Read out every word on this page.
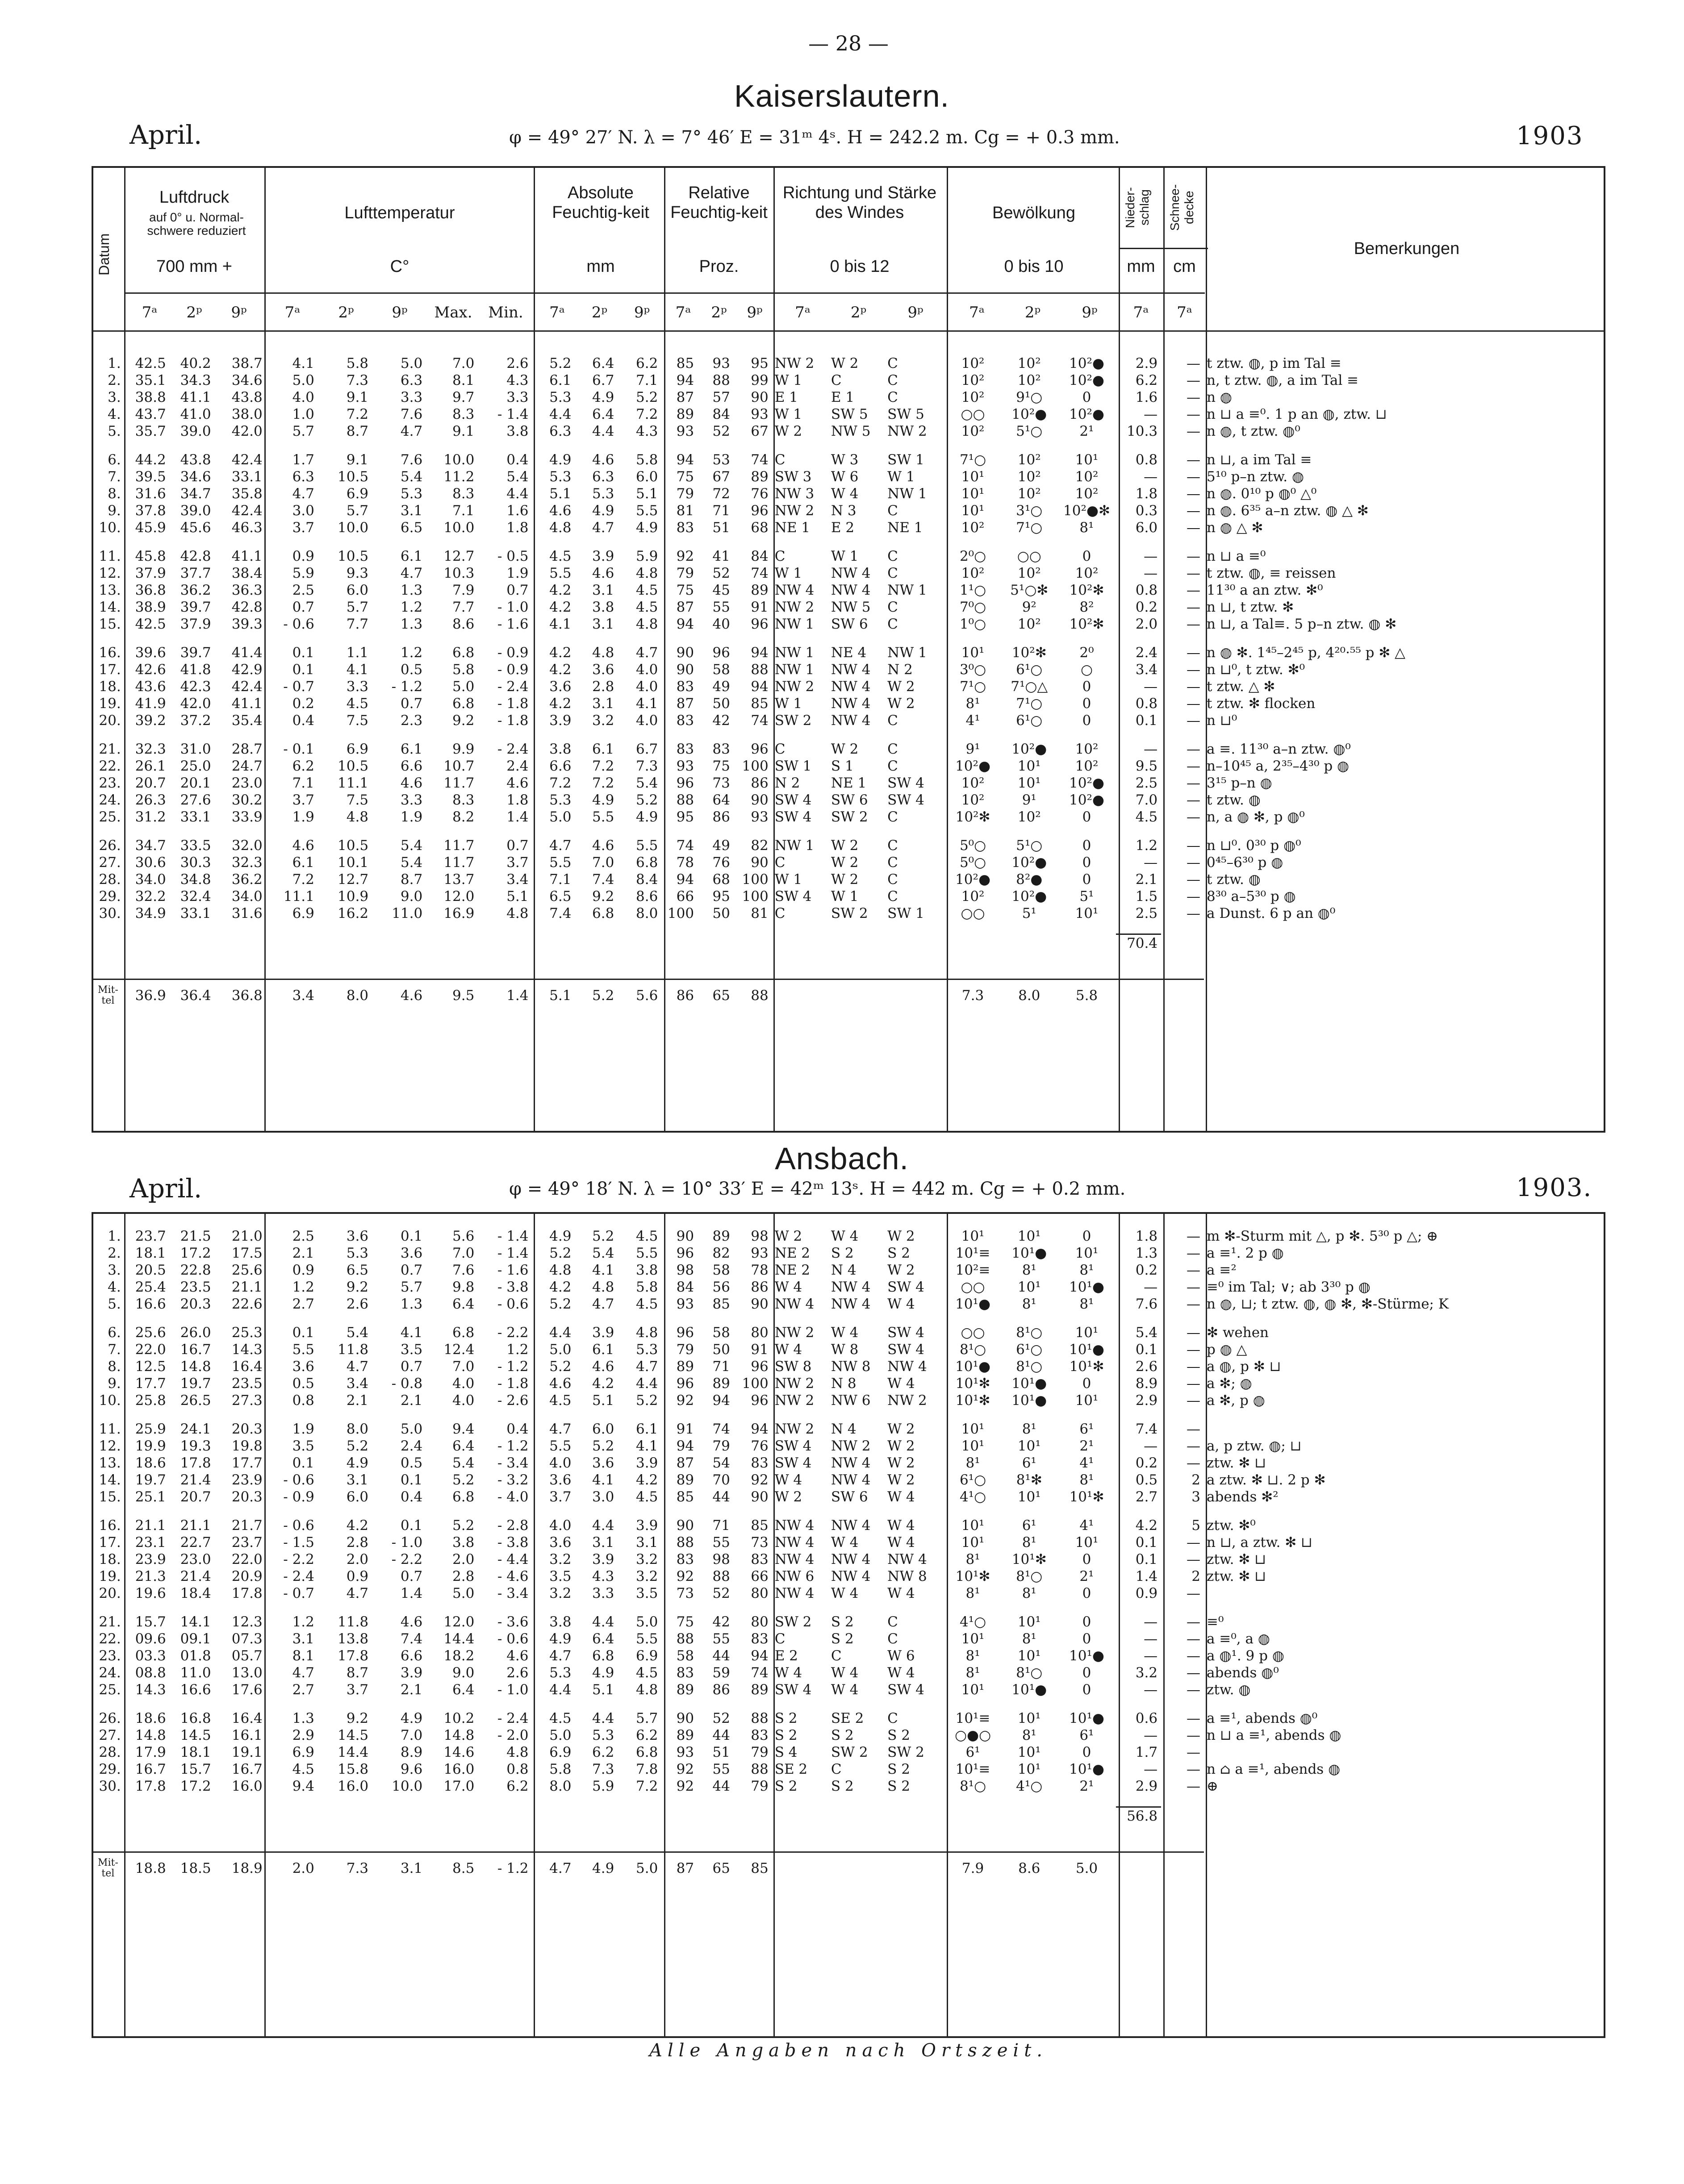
— 28 —
Kaiserslautern.
April.	φ = 49° 27′ N. λ = 7° 46′ E = 31ᵐ 4ˢ. H = 242.2 m. Cg = + 0.3 mm.	1903
Datum
Luftdruck
auf 0° u. Normal-schwere reduziert
700 mm +
Lufttemperatur
C°
Absolute Feuchtig-keit
mm
Relative Feuchtig-keit
Proz.
Richtung und Stärke des Windes
0 bis 12
Bewölkung
0 bis 10
Nieder-schlag
mm
Schnee-decke
cm
Bemerkungen
7ᵃ	2ᵖ	9ᵖ	7ᵃ	2ᵖ	9ᵖ	Max.	Min.	7ᵃ	2ᵖ	9ᵖ	7ᵃ	2ᵖ	9ᵖ	7ᵃ	2ᵖ	9ᵖ	7ᵃ	2ᵖ	9ᵖ	7ᵃ	7ᵃ
1.	42.5	40.2	38.7	4.1	5.8	5.0	7.0	2.6	5.2	6.4	6.2	85	93	95	NW 2	W 2	C	10²	10²	10²●	2.9	—	t ztw. ◍, p im Tal ≡
2.	35.1	34.3	34.6	5.0	7.3	6.3	8.1	4.3	6.1	6.7	7.1	94	88	99	W 1	C	C	10²	10²	10²●	6.2	—	n, t ztw. ◍, a im Tal ≡
3.	38.8	41.1	43.8	4.0	9.1	3.3	9.7	3.3	5.3	4.9	5.2	87	57	90	E 1	E 1	C	10²	9¹○	0	1.6	—	n ◍
4.	43.7	41.0	38.0	1.0	7.2	7.6	8.3	- 1.4	4.4	6.4	7.2	89	84	93	W 1	SW 5	SW 5	○○	10²●	10²●	—	—	n ⊔ a ≡⁰. 1 p an ◍, ztw. ⊔
5.	35.7	39.0	42.0	5.7	8.7	4.7	9.1	3.8	6.3	4.4	4.3	93	52	67	W 2	NW 5	NW 2	10²	5¹○	2¹	10.3	—	n ◍, t ztw. ◍⁰

6.	44.2	43.8	42.4	1.7	9.1	7.6	10.0	0.4	4.9	4.6	5.8	94	53	74	C	W 3	SW 1	7¹○	10²	10¹	0.8	—	n ⊔, a im Tal ≡
7.	39.5	34.6	33.1	6.3	10.5	5.4	11.2	5.4	5.3	6.3	6.0	75	67	89	SW 3	W 6	W 1	10¹	10²	10²	—	—	5¹⁰ p–n ztw. ◍
8.	31.6	34.7	35.8	4.7	6.9	5.3	8.3	4.4	5.1	5.3	5.1	79	72	76	NW 3	W 4	NW 1	10¹	10²	10²	1.8	—	n ◍. 0¹⁰ p ◍⁰ △⁰
9.	37.8	39.0	42.4	3.0	5.7	3.1	7.1	1.6	4.6	4.9	5.5	81	71	96	NW 2	N 3	C	10¹	3¹○	10²●✻	0.3	—	n ◍. 6³⁵ a–n ztw. ◍ △ ✻
10.	45.9	45.6	46.3	3.7	10.0	6.5	10.0	1.8	4.8	4.7	4.9	83	51	68	NE 1	E 2	NE 1	10²	7¹○	8¹	6.0	—	n ◍ △ ✻

11.	45.8	42.8	41.1	0.9	10.5	6.1	12.7	- 0.5	4.5	3.9	5.9	92	41	84	C	W 1	C	2⁰○	○○	0	—	—	n ⊔ a ≡⁰
12.	37.9	37.7	38.4	5.9	9.3	4.7	10.3	1.9	5.5	4.6	4.8	79	52	74	W 1	NW 4	C	10²	10²	10²	—	—	t ztw. ◍, ≡ reissen
13.	36.8	36.2	36.3	2.5	6.0	1.3	7.9	0.7	4.2	3.1	4.5	75	45	89	NW 4	NW 4	NW 1	1¹○	5¹○✻	10²✻	0.8	—	11³⁰ a an ztw. ✻⁰
14.	38.9	39.7	42.8	0.7	5.7	1.2	7.7	- 1.0	4.2	3.8	4.5	87	55	91	NW 2	NW 5	C	7⁰○	9²	8²	0.2	—	n ⊔, t ztw. ✻
15.	42.5	37.9	39.3	- 0.6	7.7	1.3	8.6	- 1.6	4.1	3.1	4.8	94	40	96	NW 1	SW 6	C	1⁰○	10²	10²✻	2.0	—	n ⊔, a Tal≡. 5 p–n ztw. ◍ ✻

16.	39.6	39.7	41.4	0.1	1.1	1.2	6.8	- 0.9	4.2	4.8	4.7	90	96	94	NW 1	NE 4	NW 1	10¹	10²✻	2⁰	2.4	—	n ◍ ✻. 1⁴⁵–2⁴⁵ p, 4²⁰·⁵⁵ p ✻ △
17.	42.6	41.8	42.9	0.1	4.1	0.5	5.8	- 0.9	4.2	3.6	4.0	90	58	88	NW 1	NW 4	N 2	3⁰○	6¹○	○	3.4	—	n ⊔⁰, t ztw. ✻⁰
18.	43.6	42.3	42.4	- 0.7	3.3	- 1.2	5.0	- 2.4	3.6	2.8	4.0	83	49	94	NW 2	NW 4	W 2	7¹○	7¹○△	0	—	—	t ztw. △ ✻
19.	41.9	42.0	41.1	0.2	4.5	0.7	6.8	- 1.8	4.2	3.1	4.1	87	50	85	W 1	NW 4	W 2	8¹	7¹○	0	0.8	—	t ztw. ✻ flocken
20.	39.2	37.2	35.4	0.4	7.5	2.3	9.2	- 1.8	3.9	3.2	4.0	83	42	74	SW 2	NW 4	C	4¹	6¹○	0	0.1	—	n ⊔⁰

21.	32.3	31.0	28.7	- 0.1	6.9	6.1	9.9	- 2.4	3.8	6.1	6.7	83	83	96	C	W 2	C	9¹	10²●	10²	—	—	a ≡. 11³⁰ a–n ztw. ◍⁰
22.	26.1	25.0	24.7	6.2	10.5	6.6	10.7	2.4	6.6	7.2	7.3	93	75	100	SW 1	S 1	C	10²●	10¹	10²	9.5	—	n–10⁴⁵ a, 2³⁵–4³⁰ p ◍
23.	20.7	20.1	23.0	7.1	11.1	4.6	11.7	4.6	7.2	7.2	5.4	96	73	86	N 2	NE 1	SW 4	10²	10¹	10²●	2.5	—	3¹⁵ p–n ◍
24.	26.3	27.6	30.2	3.7	7.5	3.3	8.3	1.8	5.3	4.9	5.2	88	64	90	SW 4	SW 6	SW 4	10²	9¹	10²●	7.0	—	t ztw. ◍
25.	31.2	33.1	33.9	1.9	4.8	1.9	8.2	1.4	5.0	5.5	4.9	95	86	93	SW 4	SW 2	C	10²✻	10²	0	4.5	—	n, a ◍ ✻, p ◍⁰

26.	34.7	33.5	32.0	4.6	10.5	5.4	11.7	0.7	4.7	4.6	5.5	74	49	82	NW 1	W 2	C	5⁰○	5¹○	0	1.2	—	n ⊔⁰. 0³⁰ p ◍⁰
27.	30.6	30.3	32.3	6.1	10.1	5.4	11.7	3.7	5.5	7.0	6.8	78	76	90	C	W 2	C	5⁰○	10²●	0	—	—	0⁴⁵–6³⁰ p ◍
28.	34.0	34.8	36.2	7.2	12.7	8.7	13.7	3.4	7.1	7.4	8.4	94	68	100	W 1	W 2	C	10²●	8²●	0	2.1	—	t ztw. ◍
29.	32.2	32.4	34.0	11.1	10.9	9.0	12.0	5.1	6.5	9.2	8.6	66	95	100	SW 4	W 1	C	10²	10²●	5¹	1.5	—	8³⁰ a–5³⁰ p ◍
30.	34.9	33.1	31.6	6.9	16.2	11.0	16.9	4.8	7.4	6.8	8.0	100	50	81	C	SW 2	SW 1	○○	5¹	10¹	2.5	—	a Dunst. 6 p an ◍⁰

																					70.4		

Mit-tel	36.9	36.4	36.8	3.4	8.0	4.6	9.5	1.4	5.1	5.2	5.6	86	65	88				7.3	8.0	5.8			
Ansbach.
April.	φ = 49° 18′ N. λ = 10° 33′ E = 42ᵐ 13ˢ. H = 442 m. Cg = + 0.2 mm.	1903.
1.	23.7	21.5	21.0	2.5	3.6	0.1	5.6	- 1.4	4.9	5.2	4.5	90	89	98	W 2	W 4	W 2	10¹	10¹	0	1.8	—	m ✻-Sturm mit △, p ✻. 5³⁰ p △; ⊕
2.	18.1	17.2	17.5	2.1	5.3	3.6	7.0	- 1.4	5.2	5.4	5.5	96	82	93	NE 2	S 2	S 2	10¹≡	10¹●	10¹	1.3	—	a ≡¹. 2 p ◍
3.	20.5	22.8	25.6	0.9	6.5	0.7	7.6	- 1.6	4.8	4.1	3.8	98	58	78	NE 2	N 4	W 2	10²≡	8¹	8¹	0.2	—	a ≡²
4.	25.4	23.5	21.1	1.2	9.2	5.7	9.8	- 3.8	4.2	4.8	5.8	84	56	86	W 4	NW 4	SW 4	○○	10¹	10¹●	—	—	≡⁰ im Tal; ∨; ab 3³⁰ p ◍
5.	16.6	20.3	22.6	2.7	2.6	1.3	6.4	- 0.6	5.2	4.7	4.5	93	85	90	NW 4	NW 4	W 4	10¹●	8¹	8¹	7.6	—	n ◍, ⊔; t ztw. ◍, ◍ ✻, ✻-Stürme; K

6.	25.6	26.0	25.3	0.1	5.4	4.1	6.8	- 2.2	4.4	3.9	4.8	96	58	80	NW 2	W 4	SW 4	○○	8¹○	10¹	5.4	—	✻ wehen
7.	22.0	16.7	14.3	5.5	11.8	3.5	12.4	1.2	5.0	6.1	5.3	79	50	91	W 4	W 8	SW 4	8¹○	6¹○	10¹●	0.1	—	p ◍ △
8.	12.5	14.8	16.4	3.6	4.7	0.7	7.0	- 1.2	5.2	4.6	4.7	89	71	96	SW 8	NW 8	NW 4	10¹●	8¹○	10¹✻	2.6	—	a ◍, p ✻ ⊔
9.	17.7	19.7	23.5	0.5	3.4	- 0.8	4.0	- 1.8	4.6	4.2	4.4	96	89	100	NW 2	N 8	W 4	10¹✻	10¹●	0	8.9	—	a ✻; ◍
10.	25.8	26.5	27.3	0.8	2.1	2.1	4.0	- 2.6	4.5	5.1	5.2	92	94	96	NW 2	NW 6	NW 2	10¹✻	10¹●	10¹	2.9	—	a ✻, p ◍

11.	25.9	24.1	20.3	1.9	8.0	5.0	9.4	0.4	4.7	6.0	6.1	91	74	94	NW 2	N 4	W 2	10¹	8¹	6¹	7.4	—	
12.	19.9	19.3	19.8	3.5	5.2	2.4	6.4	- 1.2	5.5	5.2	4.1	94	79	76	SW 4	NW 2	W 2	10¹	10¹	2¹	—	—	a, p ztw. ◍; ⊔
13.	18.6	17.8	17.7	0.1	4.9	0.5	5.4	- 3.4	4.0	3.6	3.9	87	54	83	SW 4	NW 4	W 2	8¹	6¹	4¹	0.2	—	ztw. ✻ ⊔
14.	19.7	21.4	23.9	- 0.6	3.1	0.1	5.2	- 3.2	3.6	4.1	4.2	89	70	92	W 4	NW 4	W 2	6¹○	8¹✻	8¹	0.5	2	a ztw. ✻ ⊔. 2 p ✻
15.	25.1	20.7	20.3	- 0.9	6.0	0.4	6.8	- 4.0	3.7	3.0	4.5	85	44	90	W 2	SW 6	W 4	4¹○	10¹	10¹✻	2.7	3	abends ✻²

16.	21.1	21.1	21.7	- 0.6	4.2	0.1	5.2	- 2.8	4.0	4.4	3.9	90	71	85	NW 4	NW 4	W 4	10¹	6¹	4¹	4.2	5	ztw. ✻⁰
17.	23.1	22.7	23.7	- 1.5	2.8	- 1.0	3.8	- 3.8	3.6	3.1	3.1	88	55	73	NW 4	W 4	W 4	10¹	8¹	10¹	0.1	—	n ⊔, a ztw. ✻ ⊔
18.	23.9	23.0	22.0	- 2.2	2.0	- 2.2	2.0	- 4.4	3.2	3.9	3.2	83	98	83	NW 4	NW 4	NW 4	8¹	10¹✻	0	0.1	—	ztw. ✻ ⊔
19.	21.3	21.4	20.9	- 2.4	0.9	0.7	2.8	- 4.6	3.5	4.3	3.2	92	88	66	NW 6	NW 4	NW 8	10¹✻	8¹○	2¹	1.4	2	ztw. ✻ ⊔
20.	19.6	18.4	17.8	- 0.7	4.7	1.4	5.0	- 3.4	3.2	3.3	3.5	73	52	80	NW 4	W 4	W 4	8¹	8¹	0	0.9	—	

21.	15.7	14.1	12.3	1.2	11.8	4.6	12.0	- 3.6	3.8	4.4	5.0	75	42	80	SW 2	S 2	C	4¹○	10¹	0	—	—	≡⁰
22.	09.6	09.1	07.3	3.1	13.8	7.4	14.4	- 0.6	4.9	6.4	5.5	88	55	83	C	S 2	C	10¹	8¹	0	—	—	a ≡⁰, a ◍
23.	03.3	01.8	05.7	8.1	17.8	6.6	18.2	4.6	4.7	6.8	6.9	58	44	94	E 2	C	W 6	8¹	10¹	10¹●	—	—	a ◍¹. 9 p ◍
24.	08.8	11.0	13.0	4.7	8.7	3.9	9.0	2.6	5.3	4.9	4.5	83	59	74	W 4	W 4	W 4	8¹	8¹○	0	3.2	—	abends ◍⁰
25.	14.3	16.6	17.6	2.7	3.7	2.1	6.4	- 1.0	4.4	5.1	4.8	89	86	89	SW 4	W 4	SW 4	10¹	10¹●	0	—	—	ztw. ◍

26.	18.6	16.8	16.4	1.3	9.2	4.9	10.2	- 2.4	4.5	4.4	5.7	90	52	88	S 2	SE 2	C	10¹≡	10¹	10¹●	0.6	—	a ≡¹, abends ◍⁰
27.	14.8	14.5	16.1	2.9	14.5	7.0	14.8	- 2.0	5.0	5.3	6.2	89	44	83	S 2	S 2	S 2	○●○	8¹	6¹	—	—	n ⊔ a ≡¹, abends ◍
28.	17.9	18.1	19.1	6.9	14.4	8.9	14.6	4.8	6.9	6.2	6.8	93	51	79	S 4	SW 2	SW 2	6¹	10¹	0	1.7	—	
29.	16.7	15.7	16.7	4.5	15.8	9.6	16.0	0.8	5.8	7.3	7.8	92	55	88	SE 2	C	S 2	10¹≡	10¹	10¹●	—	—	n ⌂ a ≡¹, abends ◍
30.	17.8	17.2	16.0	9.4	16.0	10.0	17.0	6.2	8.0	5.9	7.2	92	44	79	S 2	S 2	S 2	8¹○	4¹○	2¹	2.9	—	⊕

																					56.8		

Mit-tel	18.8	18.5	18.9	2.0	7.3	3.1	8.5	- 1.2	4.7	4.9	5.0	87	65	85				7.9	8.6	5.0			
Alle Angaben nach Ortszeit.
